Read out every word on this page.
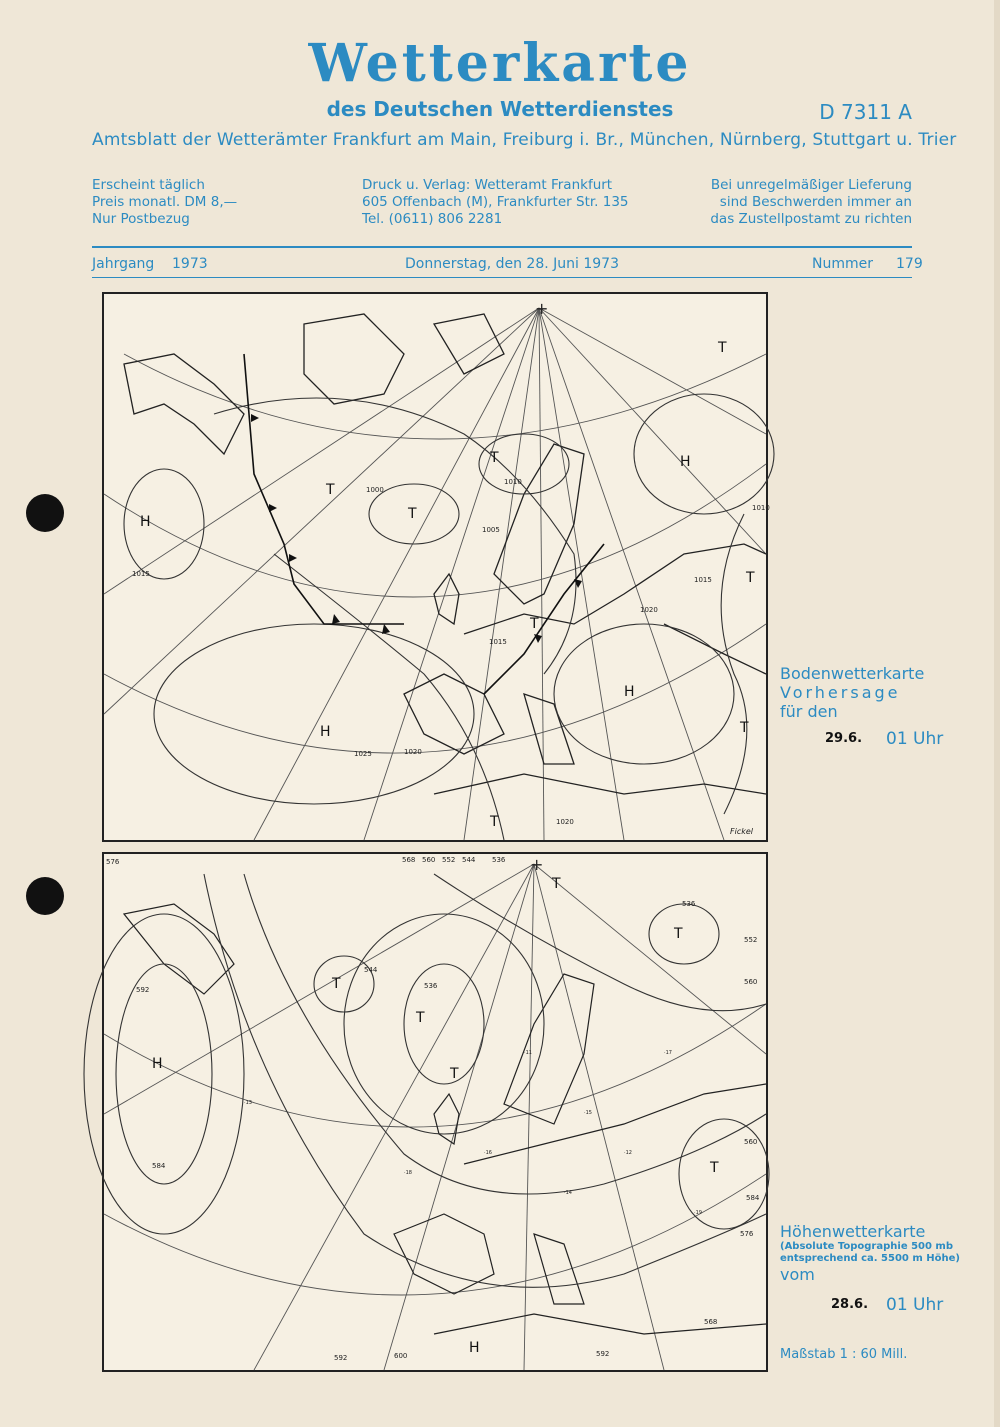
Wetterkarte
des Deutschen Wetterdienstes	D 7311 A
Amtsblatt der Wetterämter Frankfurt am Main, Freiburg i. Br., München, Nürnberg, Stuttgart u. Trier
Erscheint täglich
Preis monatl. DM 8,—
Nur Postbezug
Druck u. Verlag: Wetteramt Frankfurt
605 Offenbach (M), Frankfurter Str. 135
Tel. (0611) 806 2281
Bei unregelmäßiger Lieferung
sind Beschwerden immer an
das Zustellpostamt zu richten
Jahrgang 1973	Donnerstag, den 28. Juni 1973	Nummer 179
H
H
H
H
T
T
T
T
T
T
T
T
1015
1010
1000
1005
1015
1020
1015
1010
1020
1020
1025
Fickel
+
Bodenwetterkarte
Vorhersage
für den
29.6. 01 Uhr
H
H
T
T
T
T
T
T
576	568 560 552 544 536
536
544
536
552
560
592
584
592	600	592
584
560
576
568
·13
·11
·15
·12
·17
·14
·16
·19
·18
+
Höhenwetterkarte
(Absolute Topographie 500 mb
entsprechend ca. 5500 m Höhe)
vom
28.6. 01 Uhr
Maßstab 1 : 60 Mill.
